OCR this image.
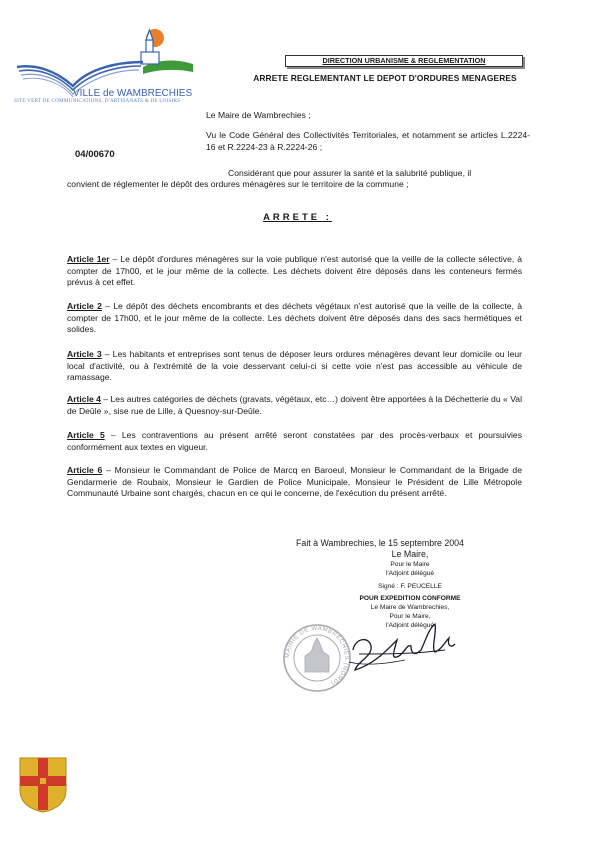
VILLE de WAMBRECHIES
SITE VERT DE COMMUNICATIONS, D'ARTISANATS & DE LOISIRS
DIRECTION URBANISME & REGLEMENTATION
ARRETE REGLEMENTANT LE DEPOT D'ORDURES MENAGERES
04/00670
Le Maire de Wambrechies ;
Vu le Code Général des Collectivités Territoriales, et notamment se articles L.2224-16 et R.2224-23 à R.2224-26 ;
Considérant que pour assurer la santé et la salubrité publique, il
convient de réglementer le dépôt des ordures ménagères sur le territoire de la commune ;
ARRETE :
Article 1er – Le dépôt d'ordures ménagères sur la voie publique n'est autorisé que la veille de la collecte sélective, à compter de 17h00, et le jour même de la collecte. Les déchets doivent être déposés dans les conteneurs fermés prévus à cet effet.
Article 2 – Le dépôt des déchets encombrants et des déchets végétaux n'est autorisé que la veille de la collecte, à compter de 17h00, et le jour même de la collecte. Les déchets doivent être déposés dans des sacs hermétiques et solides.
Article 3 – Les habitants et entreprises sont tenus de déposer leurs ordures ménagères devant leur domicile ou leur local d'activité, ou à l'extrémité de la voie desservant celui-ci si cette voie n'est pas accessible au véhicule de ramassage.
Article 4 – Les autres catégories de déchets (gravats, végétaux, etc…) doivent être apportées à la Déchetterie du « Val de Deûle », sise rue de Lille, à Quesnoy-sur-Deûle.
Article 5 – Les contraventions au présent arrêté seront constatées par des procès-verbaux et poursuivies conformément aux textes en vigueur.
Article 6 – Monsieur le Commandant de Police de Marcq en Baroeul, Monsieur le Commandant de la Brigade de Gendarmerie de Roubaix, Monsieur le Gardien de Police Municipale, Monsieur le Président de Lille Métropole Communauté Urbaine sont chargés, chacun en ce qui le concerne, de l'exécution du présent arrêté.
Fait à Wambrechies, le 15 septembre 2004
Le Maire,
Pour le Maire
l'Adjoint délégué
Signé : F. PEUCELLE
POUR EXPEDITION CONFORME
Le Maire de Wambrechies,
Pour le Maire,
l'Adjoint délégué
MAIRIE DE WAMBRECHIES (NORD)
